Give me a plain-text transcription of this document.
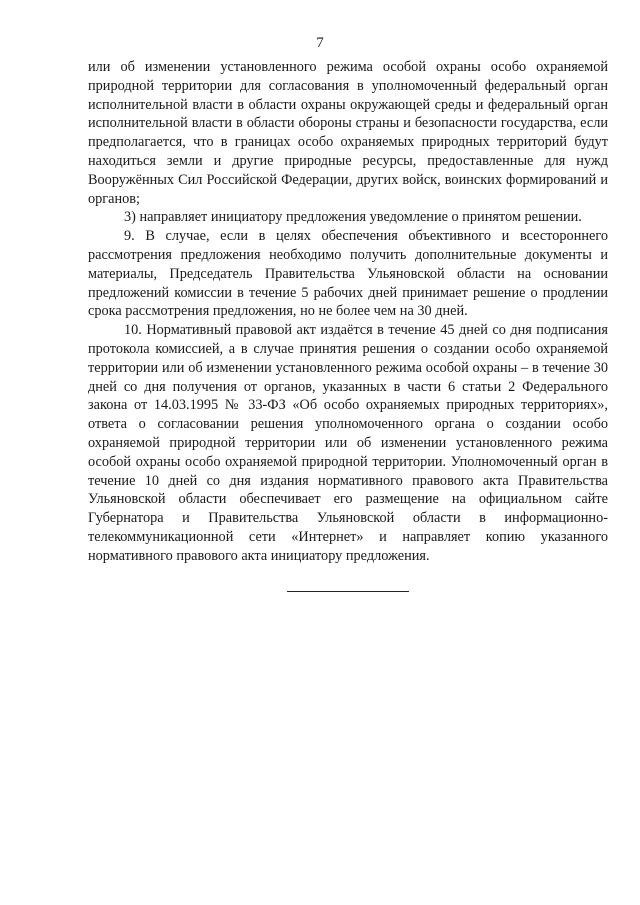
7

или об изменении установленного режима особой охраны особо охраняемой природной территории для согласования в уполномоченный федеральный орган исполнительной власти в области охраны окружающей среды и федеральный орган исполнительной власти в области обороны страны и безопасности государства, если предполагается, что в границах особо охраняемых природных территорий будут находиться земли и другие природные ресурсы, предоставленные для нужд Вооружённых Сил Российской Федерации, других войск, воинских формирований и органов;

3) направляет инициатору предложения уведомление о принятом решении.

9. В случае, если в целях обеспечения объективного и всестороннего рассмотрения предложения необходимо получить дополнительные документы и материалы, Председатель Правительства Ульяновской области на основании предложений комиссии в течение 5 рабочих дней принимает решение о продлении срока рассмотрения предложения, но не более чем на 30 дней.

10. Нормативный правовой акт издаётся в течение 45 дней со дня подписания протокола комиссией, а в случае принятия решения о создании особо охраняемой территории или об изменении установленного режима особой охраны – в течение 30 дней со дня получения от органов, указанных в части 6 статьи 2 Федерального закона от 14.03.1995 № 33-ФЗ «Об особо охраняемых природных территориях», ответа о согласовании решения уполномоченного органа о создании особо охраняемой природной территории или об изменении установленного режима особой охраны особо охраняемой природной территории. Уполномоченный орган в течение 10 дней со дня издания нормативного правового акта Правительства Ульяновской области обеспечивает его размещение на официальном сайте Губернатора и Правительства Ульяновской области в информационно-телекоммуникационной сети «Интернет» и направляет копию указанного нормативного правового акта инициатору предложения.
